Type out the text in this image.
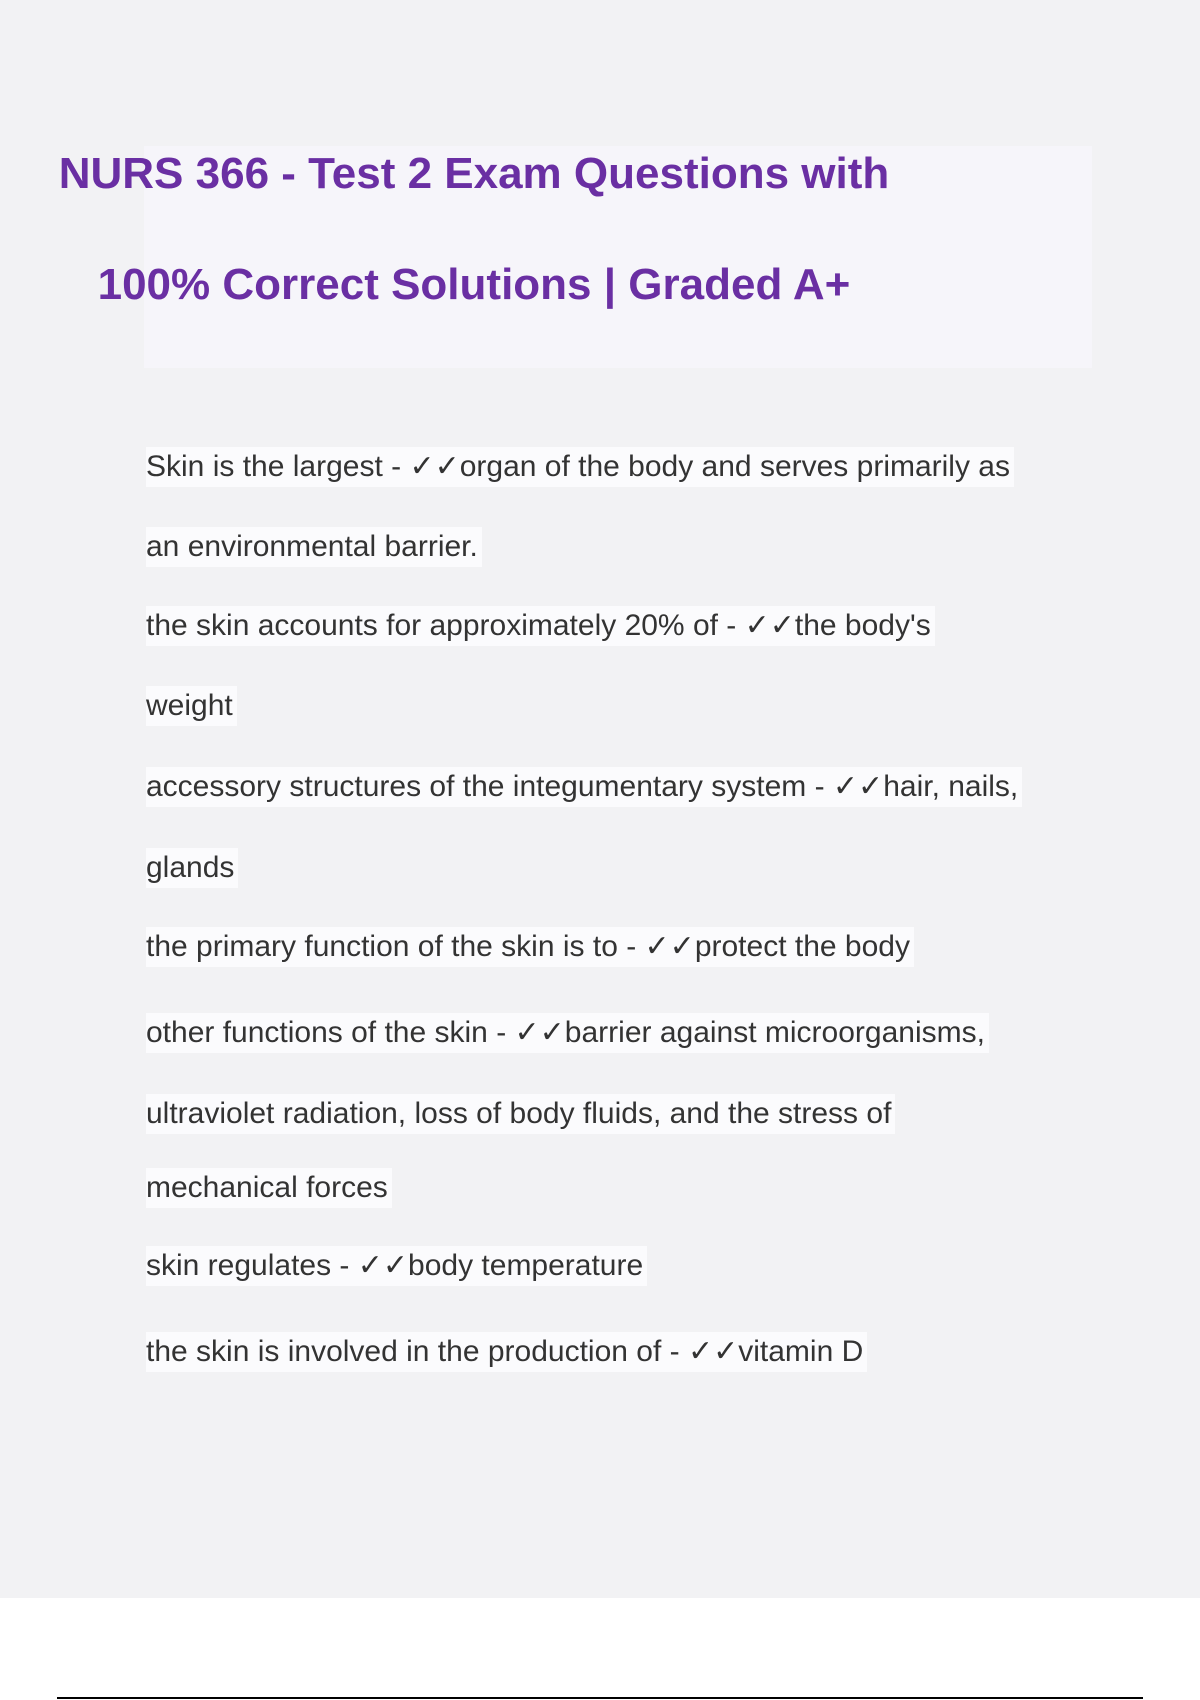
NURS 366 - Test 2 Exam Questions with
100% Correct Solutions | Graded A+
Skin is the largest - ✓✓organ of the body and serves primarily as
an environmental barrier.
the skin accounts for approximately 20% of - ✓✓the body's
weight
accessory structures of the integumentary system - ✓✓hair, nails,
glands
the primary function of the skin is to - ✓✓protect the body
other functions of the skin - ✓✓barrier against microorganisms,
ultraviolet radiation, loss of body fluids, and the stress of
mechanical forces
skin regulates - ✓✓body temperature
the skin is involved in the production of - ✓✓vitamin D
